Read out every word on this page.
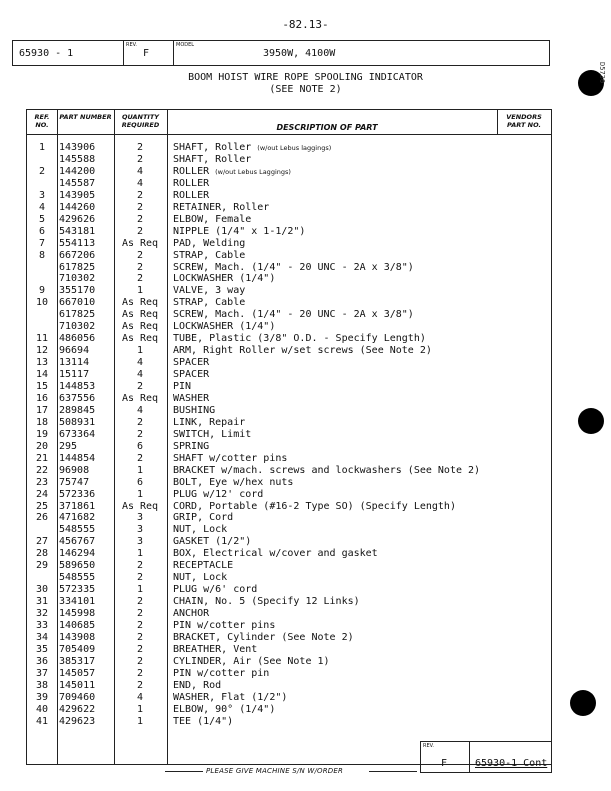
-82.13-
65930 - 1
REV.
F
MODEL
3950W, 4100W
BOOM HOIST WIRE ROPE SPOOLING INDICATOR
(SEE NOTE 2)
REF. NO.
PART NUMBER	QUANTITY REQUIRED	DESCRIPTION OF PART
VENDORS PART NO.
1	143906	2	SHAFT, Roller (w/out Lebus laggings)
145588	2	SHAFT, Roller
2	144200	4	ROLLER (w/out Lebus Laggings)
145587	4	ROLLER
3	143905	2	ROLLER
4	144260	2	RETAINER, Roller
5	429626	2	ELBOW, Female
6	543181	2	NIPPLE (1/4" x 1-1/2")
7	554113	As Req	PAD, Welding
8	667206	2	STRAP, Cable
617825	2	SCREW, Mach. (1/4" - 20 UNC - 2A x 3/8")
710302	2	LOCKWASHER (1/4")
9	355170	1	VALVE, 3 way
10	667010	As Req	STRAP, Cable
617825	As Req	SCREW, Mach. (1/4" - 20 UNC - 2A x 3/8")
710302	As Req	LOCKWASHER (1/4")
11	486056	As Req	TUBE, Plastic (3/8" O.D. - Specify Length)
12	96694	1	ARM, Right Roller w/set screws (See Note 2)
13	13114	4	SPACER
14	15117	4	SPACER
15	144853	2	PIN
16	637556	As Req	WASHER
17	289845	4	BUSHING
18	508931	2	LINK, Repair
19	673364	2	SWITCH, Limit
20	295	6	SPRING
21	144854	2	SHAFT w/cotter pins
22	96908	1	BRACKET w/mach. screws and lockwashers (See Note 2)
23	75747	6	BOLT, Eye w/hex nuts
24	572336	1	PLUG w/12' cord
25	371861	As Req	CORD, Portable (#16-2 Type SO) (Specify Length)
26	471682	3	GRIP, Cord
548555	3	NUT, Lock
27	456767	3	GASKET (1/2")
28	146294	1	BOX, Electrical w/cover and gasket
29	589650	2	RECEPTACLE
548555	2	NUT, Lock
30	572335	1	PLUG w/6' cord
31	334101	2	CHAIN, No. 5 (Specify 12 Links)
32	145998	2	ANCHOR
33	140685	2	PIN w/cotter pins
34	143908	2	BRACKET, Cylinder (See Note 2)
35	705409	2	BREATHER, Vent
36	385317	2	CYLINDER, Air (See Note 1)
37	145057	2	PIN w/cotter pin
38	145011	2	END, Rod
39	709460	4	WASHER, Flat (1/2")
40	429622	1	ELBOW, 90° (1/4")
41	429623	1	TEE (1/4")
PLEASE GIVE MACHINE S/N W/ORDER
REV.
F	65930-1 Cont
D5730
